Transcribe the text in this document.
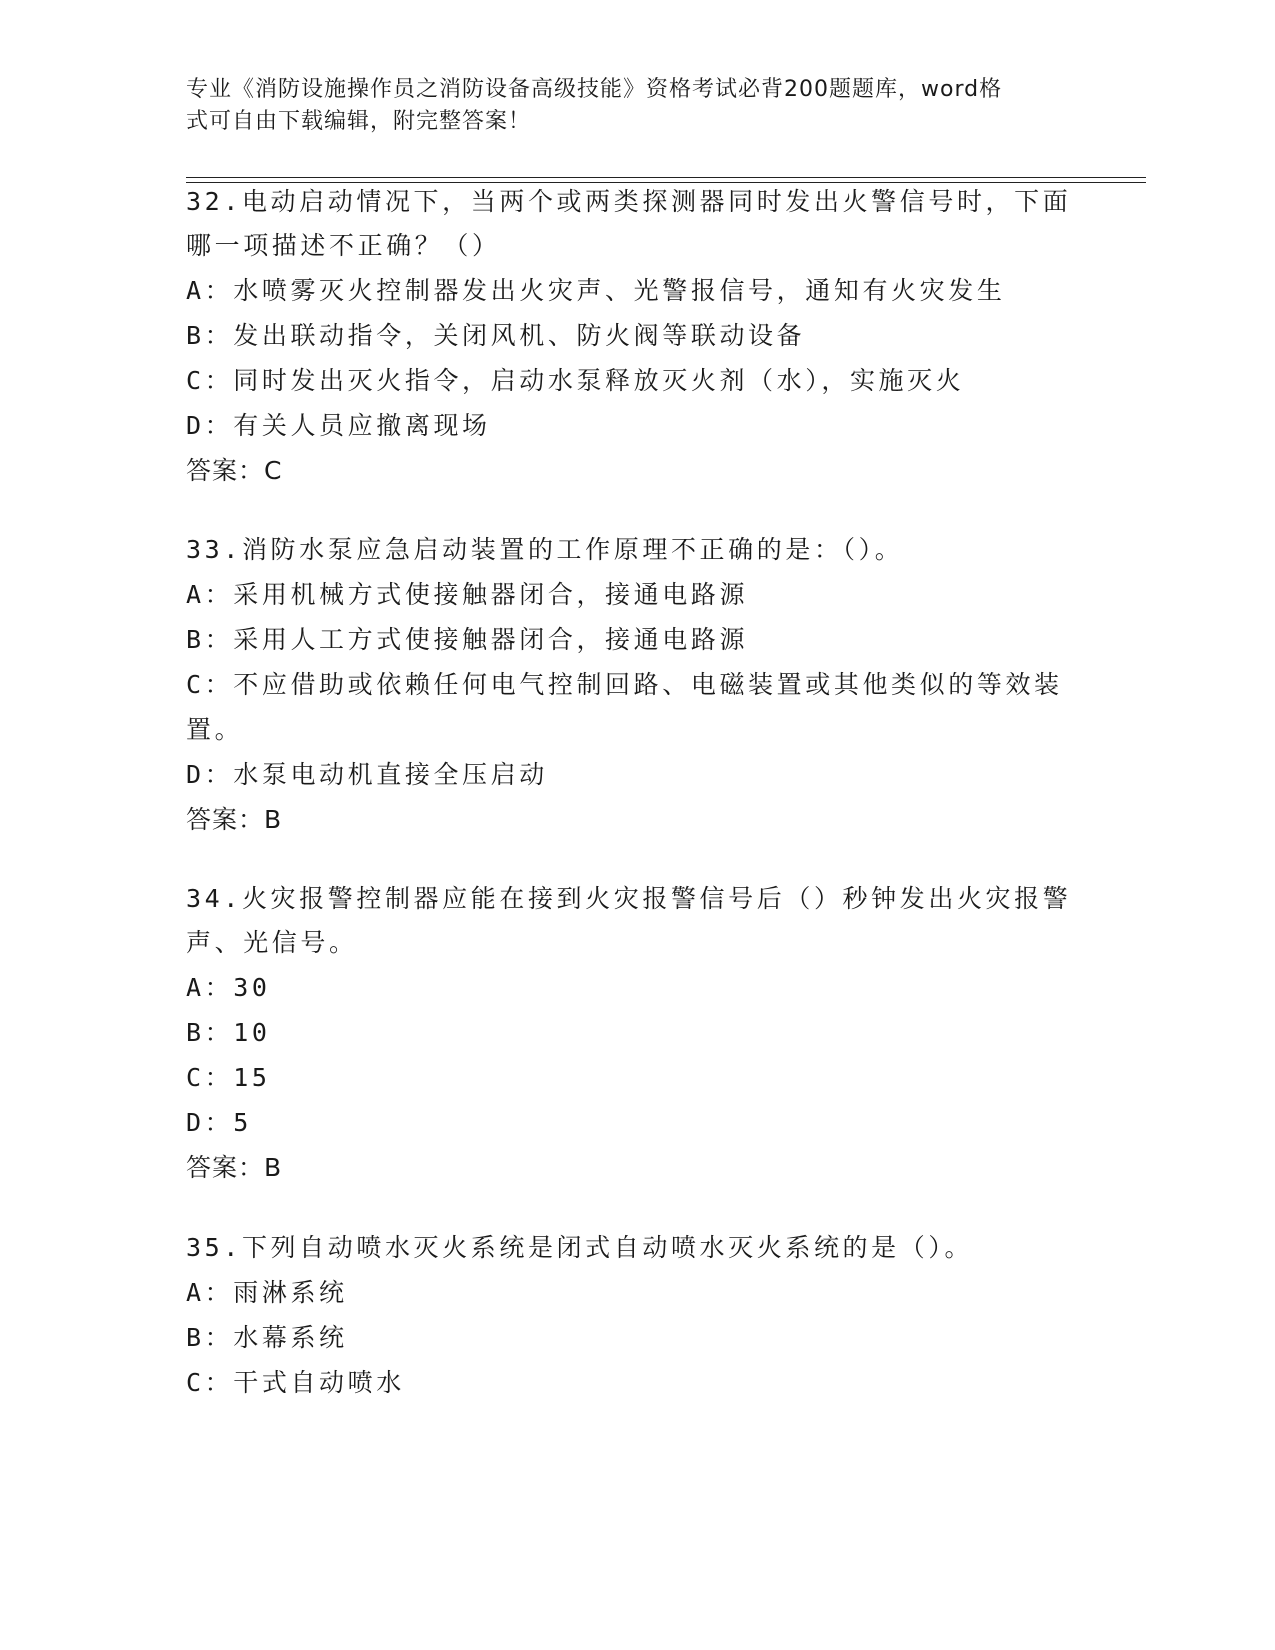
专业《消防设施操作员之消防设备高级技能》资格考试必背200题题库，word格
式可自由下载编辑，附完整答案！
32.电动启动情况下，当两个或两类探测器同时发出火警信号时，下面
哪一项描述不正确？（）
A：水喷雾灭火控制器发出火灾声、光警报信号，通知有火灾发生
B：发出联动指令，关闭风机、防火阀等联动设备
C：同时发出灭火指令，启动水泵释放灭火剂（水），实施灭火
D：有关人员应撤离现场
答案：C
33.消防水泵应急启动装置的工作原理不正确的是：（）。
A：采用机械方式使接触器闭合，接通电路源
B：采用人工方式使接触器闭合，接通电路源
C：不应借助或依赖任何电气控制回路、电磁装置或其他类似的等效装
置。
D：水泵电动机直接全压启动
答案：B
34.火灾报警控制器应能在接到火灾报警信号后（）秒钟发出火灾报警
声、光信号。
A：30
B：10
C：15
D：5
答案：B
35.下列自动喷水灭火系统是闭式自动喷水灭火系统的是（）。
A：雨淋系统
B：水幕系统
C：干式自动喷水
